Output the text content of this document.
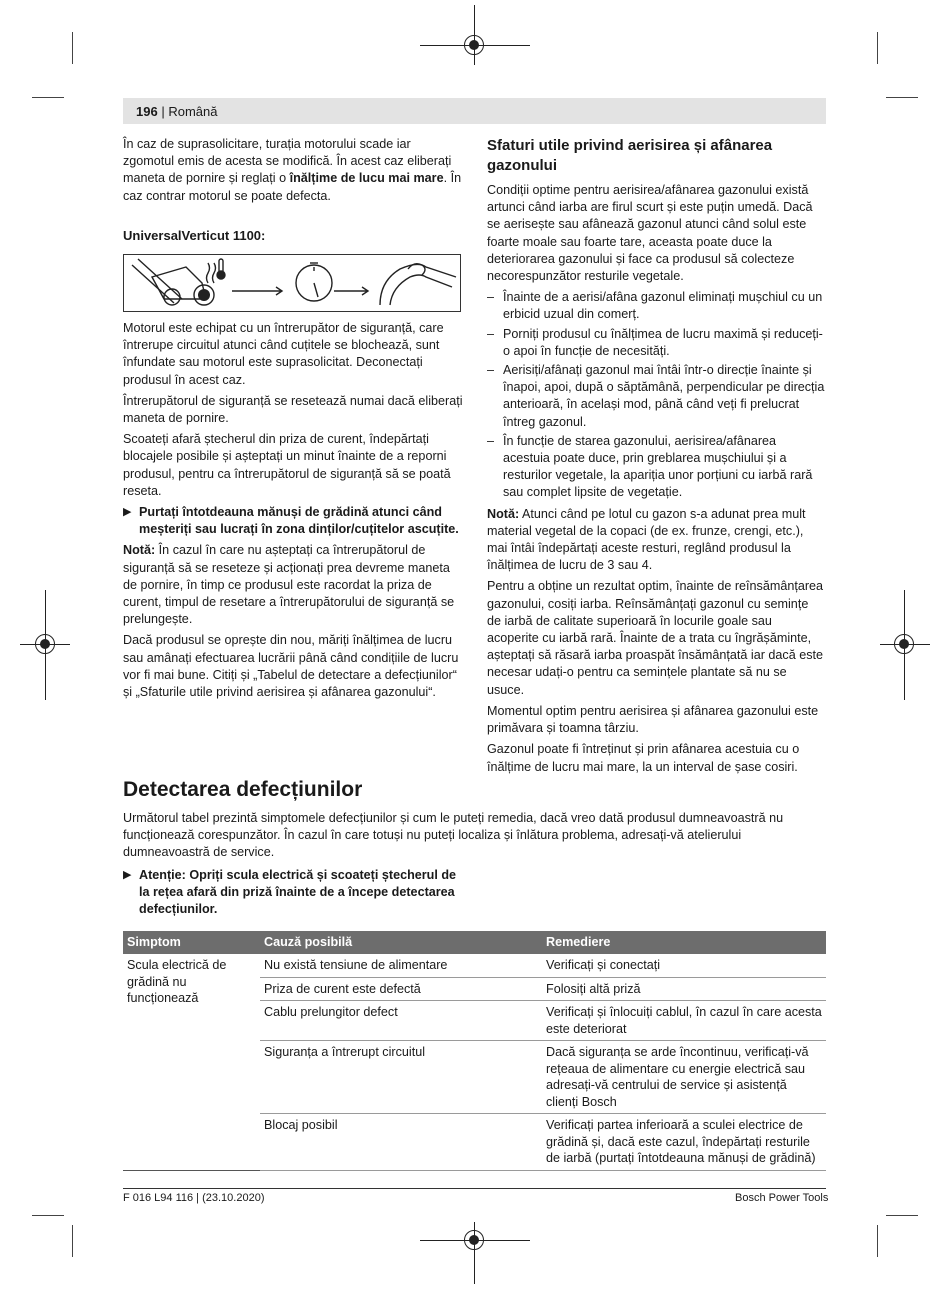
196 | Română

În caz de suprasolicitare, turația motorului scade iar zgomotul emis de acesta se modifică. În acest caz eliberați maneta de pornire și reglați o înălțime de lucu mai mare. În caz contrar motorul se poate defecta.

UniversalVerticut 1100:

Motorul este echipat cu un întrerupător de siguranță, care întrerupe circuitul atunci când cuțitele se blochează, sunt înfundate sau motorul este suprasolicitat. Deconectați produsul în acest caz.

Întrerupătorul de siguranță se resetează numai dacă eliberați maneta de pornire.

Scoateți afară ștecherul din priza de curent, îndepărtați blocajele posibile și așteptați un minut înainte de a reporni produsul, pentru ca întrerupătorul de siguranță să se poată reseta.

▶ Purtați întotdeauna mănuși de grădină atunci când meșteriți sau lucrați în zona dinților/cuțitelor ascuțite.

Notă: În cazul în care nu așteptați ca întrerupătorul de siguranță să se reseteze și acționați prea devreme maneta de pornire, în timp ce produsul este racordat la priza de curent, timpul de resetare a întrerupătorului de siguranță se prelungește.

Dacă produsul se oprește din nou, măriți înălțimea de lucru sau amânați efectuarea lucrării până când condițiile de lucru vor fi mai bune. Citiți și „Tabelul de detectare a defecțiunilor“ și „Sfaturile utile privind aerisirea și afânarea gazonului“.

Sfaturi utile privind aerisirea și afânarea gazonului

Condiții optime pentru aerisirea/afânarea gazonului există artunci când iarba are firul scurt și este puțin umedă. Dacă se aerisește sau afânează gazonul atunci când solul este foarte moale sau foarte tare, aceasta poate duce la deteriorarea gazonului și face ca produsul să colecteze necorespunzător resturile vegetale.

– Înainte de a aerisi/afâna gazonul eliminați mușchiul cu un erbicid uzual din comerț.
– Porniți produsul cu înălțimea de lucru maximă și reduceți-o apoi în funcție de necesități.
– Aerisiți/afânați gazonul mai întâi într-o direcție înainte și înapoi, apoi, după o săptămână, perpendicular pe direcția anterioară, în același mod, până când veți fi prelucrat întreg gazonul.
– În funcție de starea gazonului, aerisirea/afânarea acestuia poate duce, prin greblarea mușchiului și a resturilor vegetale, la apariția unor porțiuni cu iarbă rară sau complet lipsite de vegetație.

Notă: Atunci când pe lotul cu gazon s-a adunat prea mult material vegetal de la copaci (de ex. frunze, crengi, etc.), mai întâi îndepărtați aceste resturi, reglând produsul la înălțimea de lucru de 3 sau 4.

Pentru a obține un rezultat optim, înainte de reînsămânțarea gazonului, cosiți iarba. Reînsămânțați gazonul cu semințe de iarbă de calitate superioară în locurile goale sau acoperite cu iarbă rară. Înainte de a trata cu îngrășăminte, așteptați să răsară iarba proaspăt însămânțată iar dacă este necesar udați-o pentru ca semințele plantate să nu se usuce.

Momentul optim pentru aerisirea și afânarea gazonului este primăvara și toamna târziu.

Gazonul poate fi întreținut și prin afânarea acestuia cu o înălțime de lucru mai mare, la un interval de șase cosiri.

Detectarea defecțiunilor
Următorul tabel prezintă simptomele defecțiunilor și cum le puteți remedia, dacă vreo dată produsul dumneavoastră nu funcționează corespunzător. În cazul în care totuși nu puteți localiza și înlătura problema, adresați-vă atelierului dumneavoastră de service.
▶ Atenție: Opriți scula electrică și scoateți ștecherul de la rețea afară din priză înainte de a începe detectarea defecțiunilor.
Simptom	Cauză posibilă	Remediere
Scula electrică de grădină nu funcționează	Nu există tensiune de alimentare	Verificați și conectați
	Priza de curent este defectă	Folosiți altă priză
	Cablu prelungitor defect	Verificați și înlocuiți cablul, în cazul în care acesta este deteriorat
	Siguranța a întrerupt circuitul	Dacă siguranța se arde încontinuu, verificați-vă rețeaua de alimentare cu energie electrică sau adresați-vă centrului de service și asistență clienți Bosch
	Blocaj posibil	Verificați partea inferioară a sculei electrice de grădină și, dacă este cazul, îndepărtați resturile de iarbă (purtați întotdeauna mănuși de grădină)
F 016 L94 116 | (23.10.2020)	Bosch Power Tools
